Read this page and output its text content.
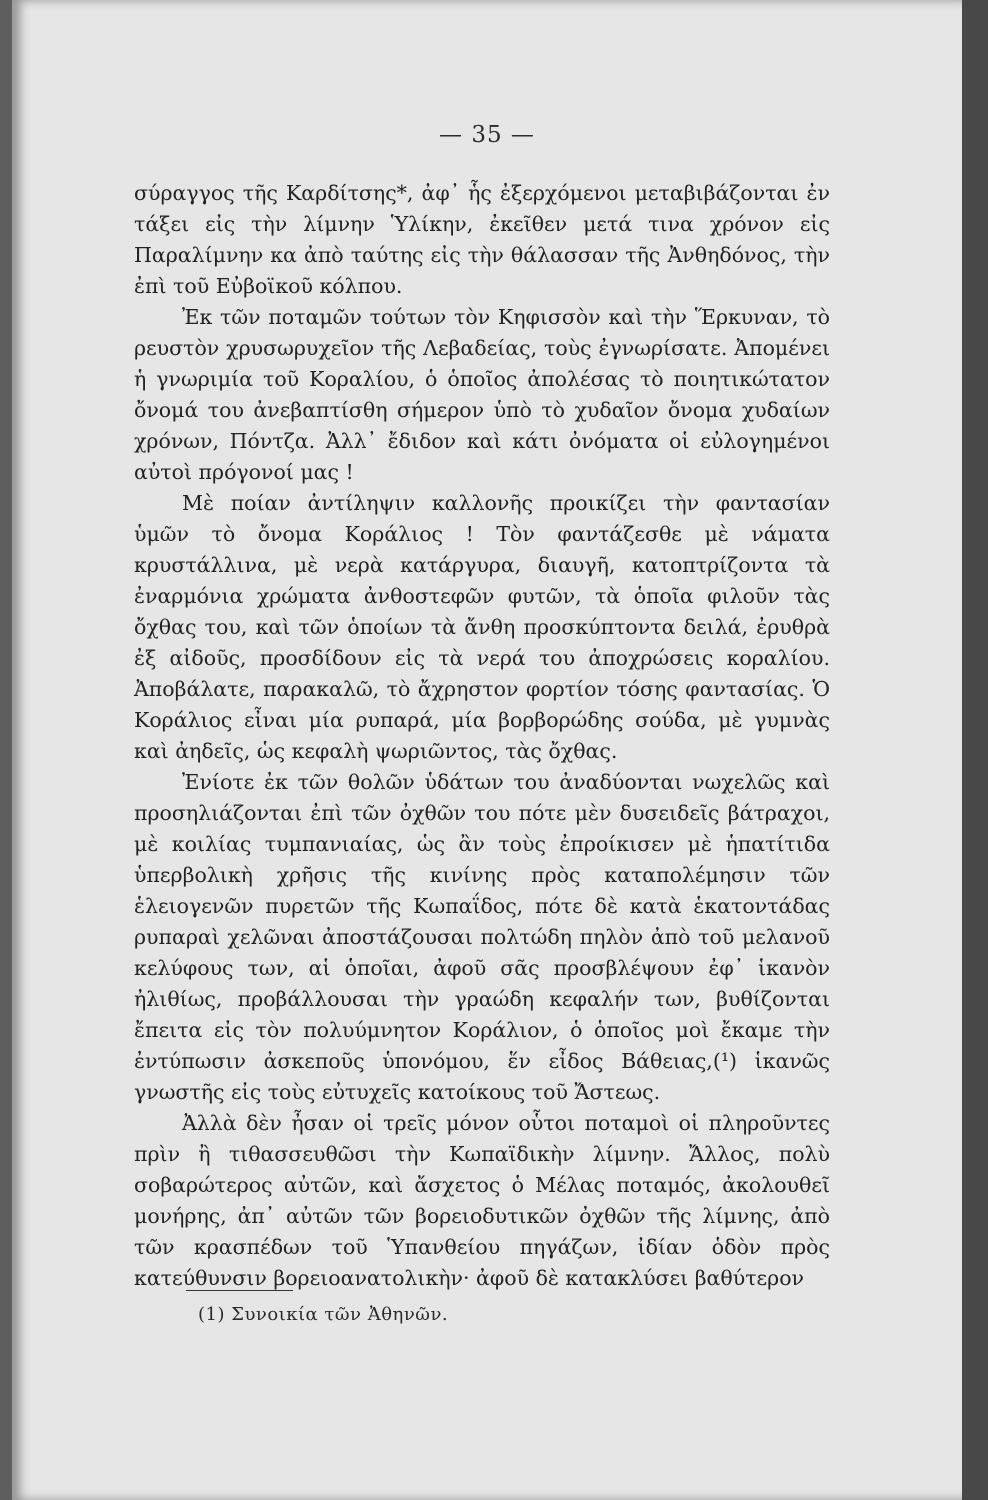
— 35 —

σύραγγος τῆς Καρδίτσης*, ἀφ᾽ ἧς ἐξερχόμενοι μεταβιβάζονται ἐν τάξει εἰς τὴν λίμνην Ὑλίκην, ἐκεῖθεν μετά τινα χρόνον εἰς Παραλίμνην κα ἀπὸ ταύτης εἰς τὴν θάλασσαν τῆς Ἀνθηδόνος, τὴν ἐπὶ τοῦ Εὐβοϊκοῦ κόλπου.

Ἐκ τῶν ποταμῶν τούτων τὸν Κηφισσὸν καὶ τὴν Ἕρκυναν, τὸ ρευστὸν χρυσωρυχεῖον τῆς Λεβαδείας, τοὺς ἐγνωρίσατε. Ἀπομένει ἡ γνωριμία τοῦ Κοραλίου, ὁ ὁποῖος ἀπολέσας τὸ ποιητικώτατον ὄνομά του ἀνεβαπτίσθη σήμερον ὑπὸ τὸ χυδαῖον ὄνομα χυδαίων χρόνων, Πόντζα. Ἀλλ᾽ ἔδιδον καὶ κάτι ὀνόματα οἱ εὐλογημένοι αὐτοὶ πρόγονοί μας !

Μὲ ποίαν ἀντίληψιν καλλονῆς προικίζει τὴν φαντασίαν ὑμῶν τὸ ὄνομα Κοράλιος ! Τὸν φαντάζεσθε μὲ νάματα κρυστάλλινα, μὲ νερὰ κατάργυρα, διαυγῆ, κατοπτρίζοντα τὰ ἐναρμόνια χρώματα ἀνθοστεφῶν φυτῶν, τὰ ὁποῖα φιλοῦν τὰς ὄχθας του, καὶ τῶν ὁποίων τὰ ἄνθη προσκύπτοντα δειλά, ἐρυθρὰ ἐξ αἰδοῦς, προσδίδουν εἰς τὰ νερά του ἀποχρώσεις κοραλίου. Ἀποβάλατε, παρακαλῶ, τὸ ἄχρηστον φορτίον τόσης φαντασίας. Ὁ Κοράλιος εἶναι μία ρυπαρά, μία βορβορώδης σούδα, μὲ γυμνὰς καὶ ἀηδεῖς, ὡς κεφαλὴ ψωριῶντος, τὰς ὄχθας.

Ἐνίοτε ἐκ τῶν θολῶν ὑδάτων του ἀναδύονται νωχελῶς καὶ προσηλιάζονται ἐπὶ τῶν ὀχθῶν του πότε μὲν δυσειδεῖς βάτραχοι, μὲ κοιλίας τυμπανιαίας, ὡς ἂν τοὺς ἐπροίκισεν μὲ ἡπατίτιδα ὑπερβολικὴ χρῆσις τῆς κινίνης πρὸς καταπολέμησιν τῶν ἑλειογενῶν πυρετῶν τῆς Κωπαΐδος, πότε δὲ κατὰ ἑκατοντάδας ρυπαραὶ χελῶναι ἀποστάζουσαι πολτώδη πηλὸν ἀπὸ τοῦ μελανοῦ κελύφους των, αἱ ὁποῖαι, ἀφοῦ σᾶς προσβλέψουν ἐφ᾽ ἱκανὸν ἠλιθίως, προβάλλουσαι τὴν γραώδη κεφαλήν των, βυθίζονται ἔπειτα εἰς τὸν πολυύμνητον Κοράλιον, ὁ ὁποῖος μοὶ ἔκαμε τὴν ἐντύπωσιν ἀσκεποῦς ὑπονόμου, ἕν εἶδος Βάθειας,(¹) ἱκανῶς γνωστῆς εἰς τοὺς εὐτυχεῖς κατοίκους τοῦ Ἄστεως.

Ἀλλὰ δὲν ἦσαν οἱ τρεῖς μόνον οὗτοι ποταμοὶ οἱ πληροῦντες πρὶν ἢ τιθασσευθῶσι τὴν Κωπαϊδικὴν λίμνην. Ἄλλος, πολὺ σοβαρώτερος αὐτῶν, καὶ ἄσχετος ὁ Μέλας ποταμός, ἀκολουθεῖ μονήρης, ἀπ᾽ αὐτῶν τῶν βορειοδυτικῶν ὀχθῶν τῆς λίμνης, ἀπὸ τῶν κρασπέδων τοῦ Ὑπανθείου πηγάζων, ἰδίαν ὁδὸν πρὸς κατεύθυνσιν βορειοανατολικὴν· ἀφοῦ δὲ κατακλύσει βαθύτερον

(1) Συνοικία τῶν Ἀθηνῶν.
